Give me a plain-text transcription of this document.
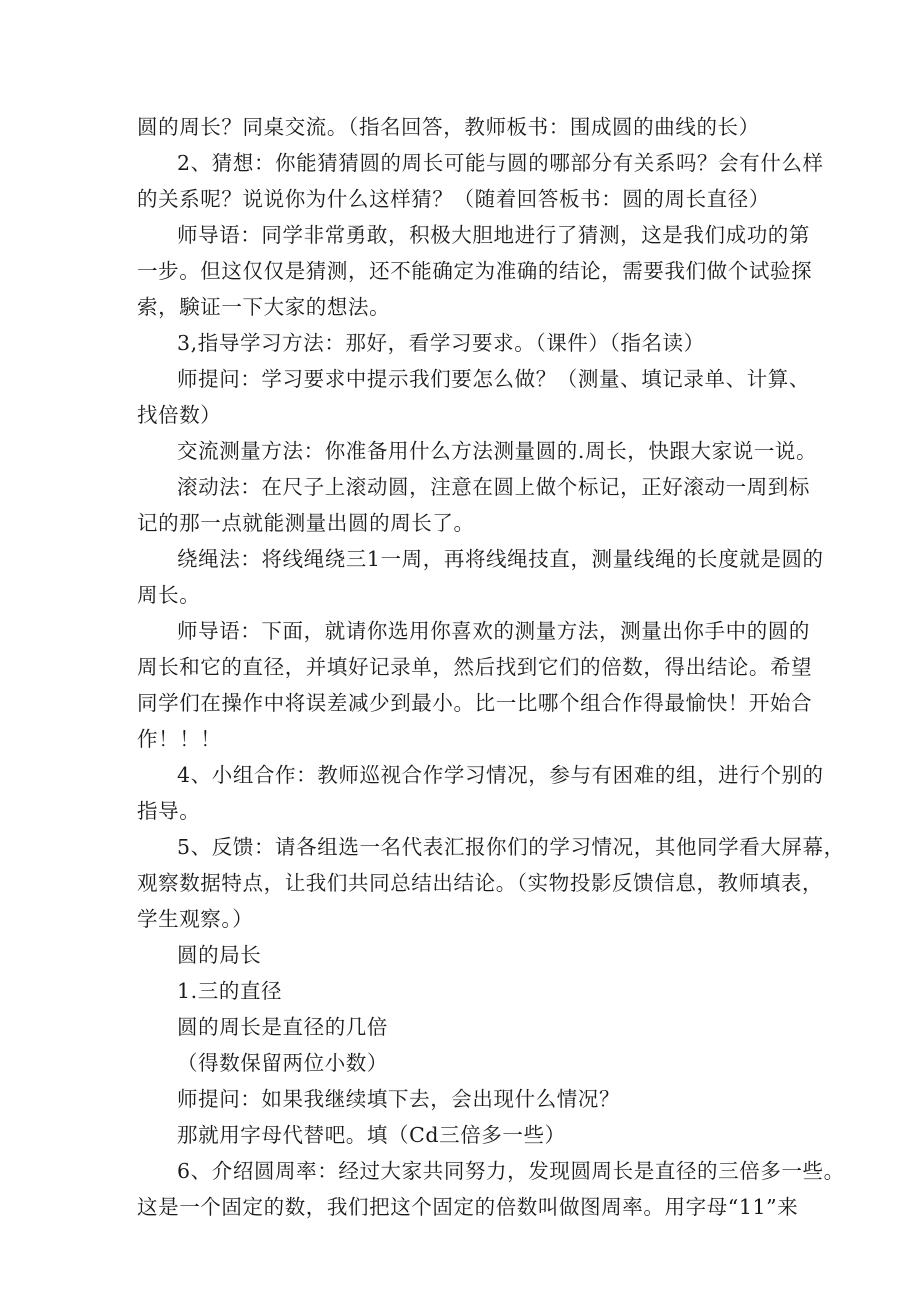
圆的周长？同桌交流。（指名回答，教师板书：围成圆的曲线的长）
2、猜想：你能猜猜圆的周长可能与圆的哪部分有关系吗？会有什么样
的关系呢？说说你为什么这样猜？（随着回答板书：圆的周长直径）
师导语：同学非常勇敢，积极大胆地进行了猜测，这是我们成功的第
一步。但这仅仅是猜测，还不能确定为准确的结论，需要我们做个试验探
索，験证一下大家的想法。
3,指导学习方法：那好，看学习要求。（课件）（指名读）
师提问：学习要求中提示我们要怎么做？（测量、填记录单、计算、
找倍数）
交流测量方法：你准备用什么方法测量圆的.周长，快跟大家说一说。
滚动法：在尺子上滚动圆，注意在圆上做个标记，正好滚动一周到标
记的那一点就能测量出圆的周长了。
绕绳法：将线绳绕三1一周，再将线绳技直，测量线绳的长度就是圆的
周长。
师导语：下面，就请你选用你喜欢的测量方法，测量出你手中的圆的
周长和它的直径，并填好记录单，然后找到它们的倍数，得出结论。希望
同学们在操作中将误差减少到最小。比一比哪个组合作得最愉快！开始合
作！！！
4、小组合作：教师巡视合作学习情况，参与有困难的组，进行个别的
指导。
5、反馈：请各组选一名代表汇报你们的学习情况，其他同学看大屏幕，
观察数据特点，让我们共同总结出结论。（实物投影反馈信息，教师填表，
学生观察。）
圆的局长
1.三的直径
圆的周长是直径的几倍
（得数保留两位小数）
师提问：如果我继续填下去，会出现什么情况？
那就用字母代替吧。填（Cd三倍多一些）
6、介绍圆周率：经过大家共同努力，发现圆周长是直径的三倍多一些。
这是一个固定的数，我们把这个固定的倍数叫做图周率。用字母“11”来
